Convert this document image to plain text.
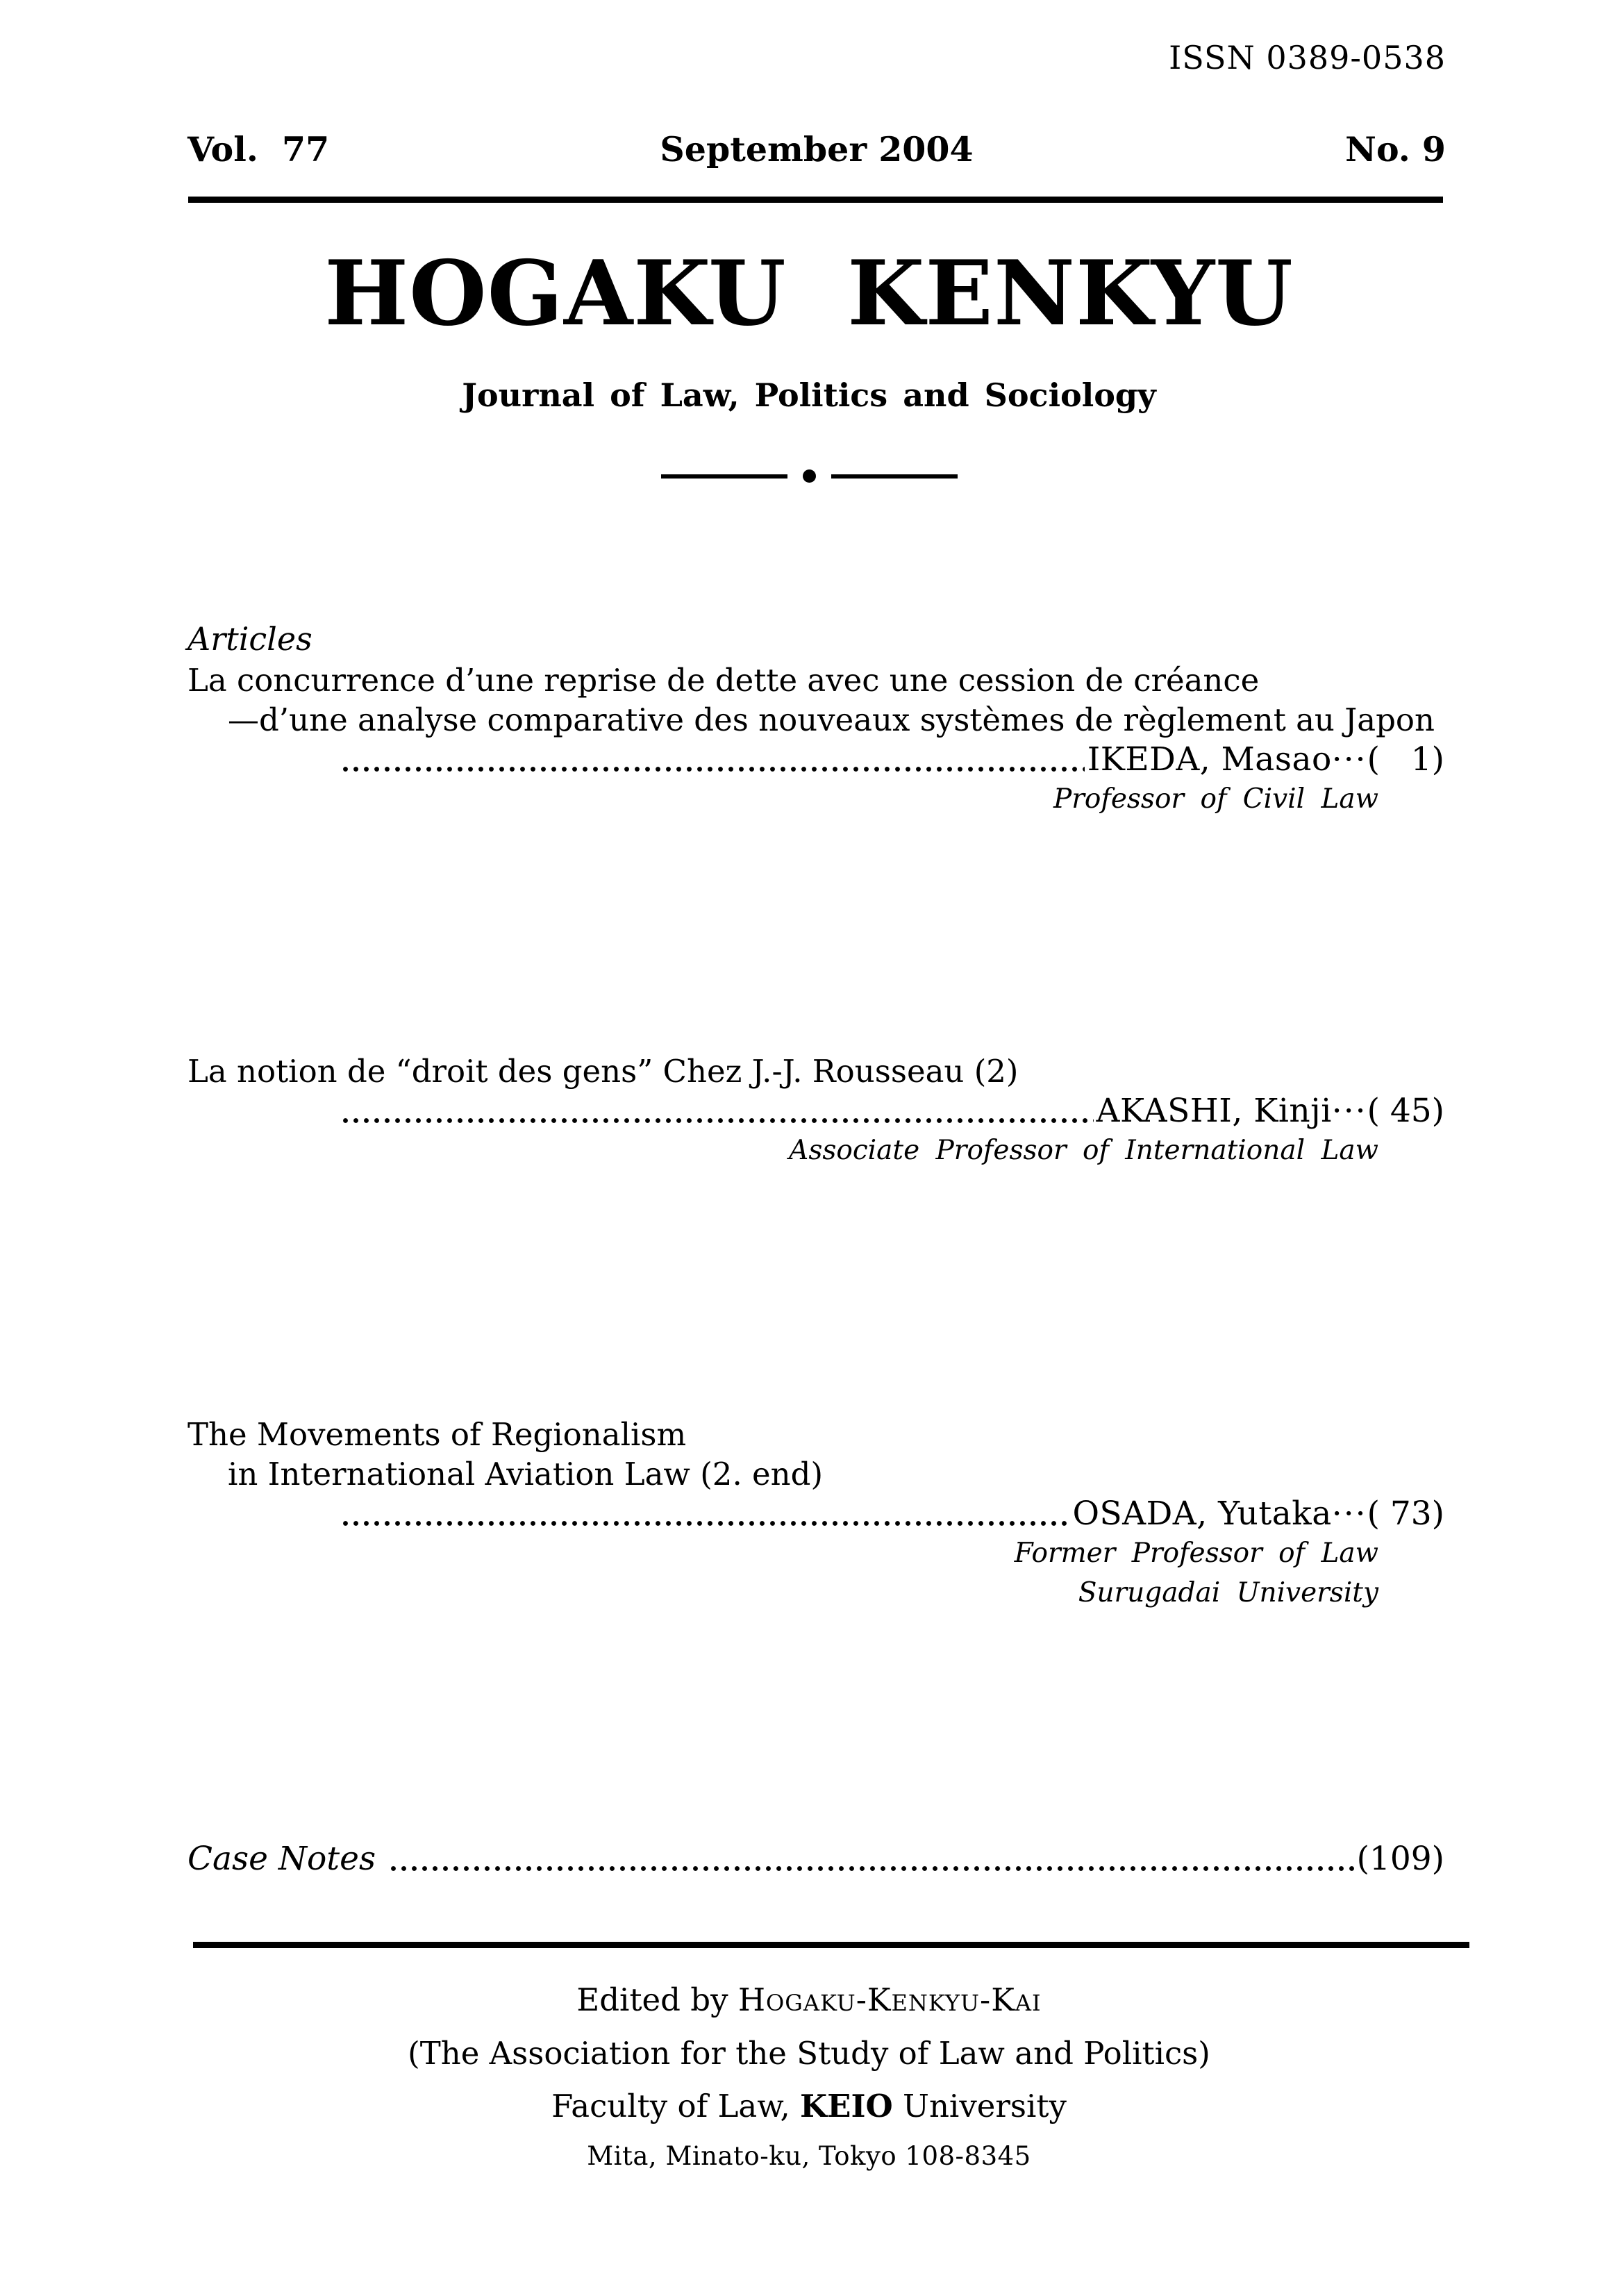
ISSN 0389-0538
Vol.  77	September 2004	No. 9
HOGAKU KENKYU
Journal of Law, Politics and Sociology
Articles
La concurrence d’une reprise de dette avec une cession de créance
—d’une analyse comparative des nouveaux systèmes de règlement au Japon
IKEDA, Masao ··· (   1)
Professor of Civil Law
La notion de “droit des gens” Chez J.-J. Rousseau (2)
AKASHI, Kinji ··· ( 45)
Associate Professor of International Law
The Movements of Regionalism
in International Aviation Law (2. end)
OSADA, Yutaka ··· ( 73)
Former Professor of Law
Surugadai University
Case Notes	(109)
Edited by Hogaku-Kenkyu-Kai
(The Association for the Study of Law and Politics)
Faculty of Law, KEIO University
Mita, Minato-ku, Tokyo 108-8345
